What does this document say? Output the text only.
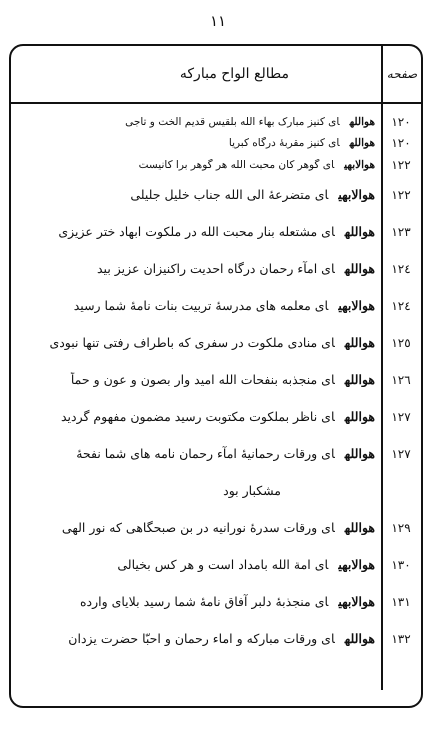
١١
صفحه
مطالع الواح مبارکه
١٢٠
هواللهای کنیز مبارک بهآء الله بلقیس قدیم الخت و تاجی
١٢٠
هواللهای کنیز مقربهٔ درگاه کبریا
١٢٢
هوالابهیای گوهر کان محبت الله هر گوهر برا کانیست
١٢٢
هوالابهیای متضرعهٔ الی الله جناب خلیل جلیلی
١٢٣
هواللهای مشتعله بنار محبت الله در ملکوت ابهاد ختر عزیزی
١٢٤
هواللهای امآء رحمان درگاه احدیت راکنیزان عزیز بید
١٢٤
هوالابهیای معلمه های مدرسهٔ تربیت بنات نامهٔ شما رسید
١٢٥
هواللهای منادی ملکوت در سفری که باطراف رفتی تنها نبودی
١٢٦
هواللهای منجذبه بنفحات الله امید وار بصون و عون و حماً
١٢٧
هواللهای ناظر بملکوت مکتوبت رسید مضمون مفهوم گردید
١٢٧
هواللهای ورقات رحمانیهٔ امآء رحمان نامه های شما نفحهٔ
مشکبار بود
١٢٩
هواللهای ورقات سدرهٔ نورانیه در بن صبحگاهی که نور الهی
١٣٠
هوالابهیای امة الله بامداد است و هر کس بخیالی
١٣١
هوالابهیای منجذبهٔ دلبر آفاق نامهٔ شما رسید بلایای وارده
١٣٢
هواللهای ورقات مبارکه و اماء رحمان و احبّا حضرت یزدان
